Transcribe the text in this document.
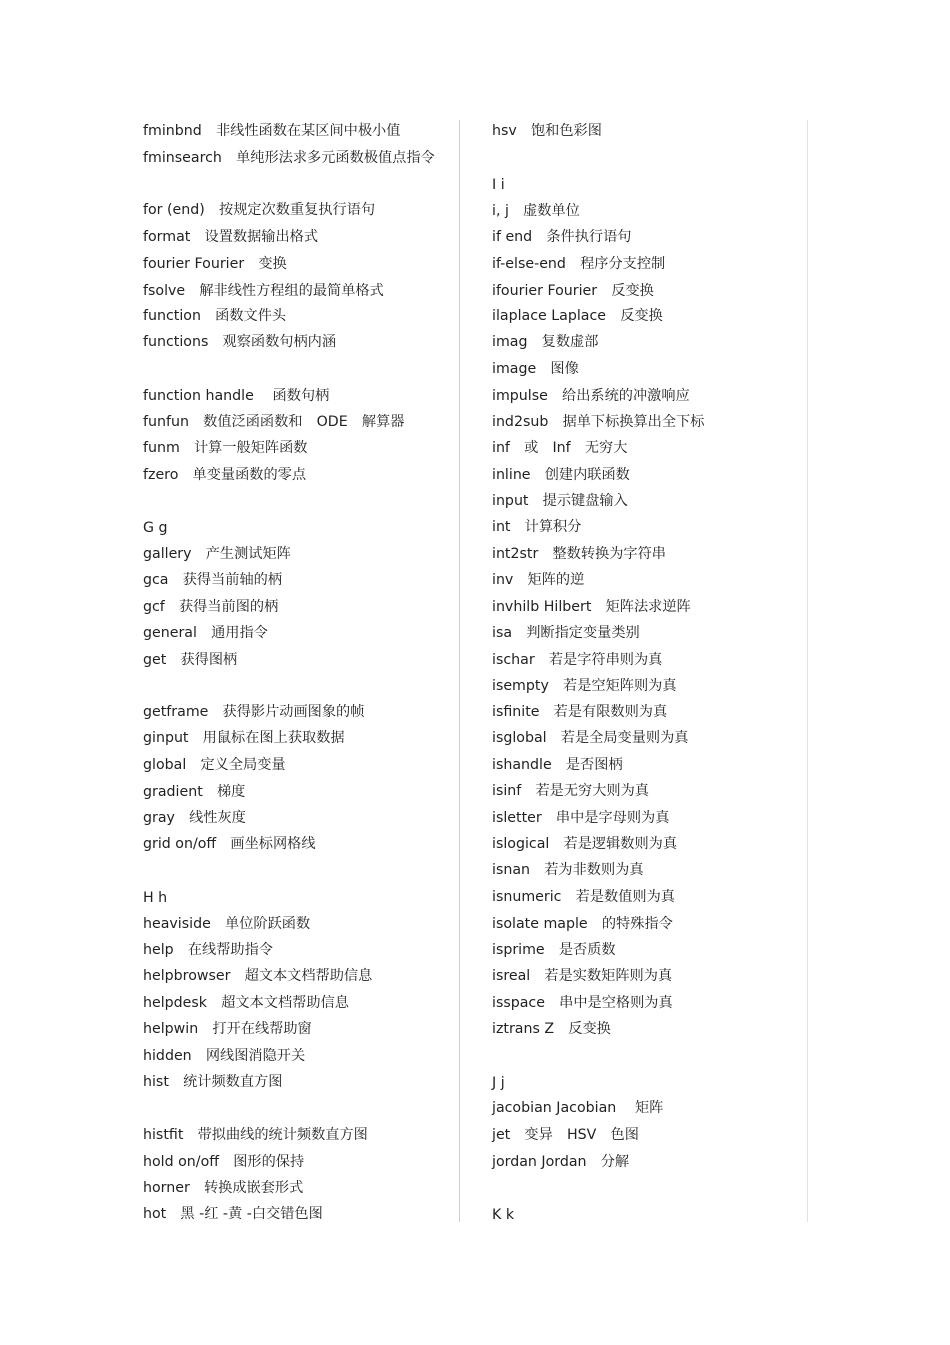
fminbnd　非线性函数在某区间中极小值
fminsearch　单纯形法求多元函数极值点指令
for (end)　按规定次数重复执行语句
format　设置数据输出格式
fourier Fourier　变换
fsolve　解非线性方程组的最简单格式
function　函数文件头
functions　观察函数句柄内涵
function handle　 函数句柄
funfun　数值泛函函数和　ODE　解算器
funm　计算一般矩阵函数
fzero　单变量函数的零点
G g
gallery　产生测试矩阵
gca　获得当前轴的柄
gcf　获得当前图的柄
general　通用指令
get　获得图柄
getframe　获得影片动画图象的帧
ginput　用鼠标在图上获取数据
global　定义全局变量
gradient　梯度
gray　线性灰度
grid on/off　画坐标网格线
H h
heaviside　单位阶跃函数
help　在线帮助指令
helpbrowser　超文本文档帮助信息
helpdesk　超文本文档帮助信息
helpwin　打开在线帮助窗
hidden　网线图消隐开关
hist　统计频数直方图
histfit　带拟曲线的统计频数直方图
hold on/off　图形的保持
horner　转换成嵌套形式
hot　黑 -红 -黄 -白交错色图
hsv　饱和色彩图
I i
i, j　虚数单位
if end　条件执行语句
if-else-end　程序分支控制
ifourier Fourier　反变换
ilaplace Laplace　反变换
imag　复数虚部
image　图像
impulse　给出系统的冲激响应
ind2sub　据单下标换算出全下标
inf　或　Inf　无穷大
inline　创建内联函数
input　提示键盘输入
int　计算积分
int2str　整数转换为字符串
inv　矩阵的逆
invhilb Hilbert　矩阵法求逆阵
isa　判断指定变量类别
ischar　若是字符串则为真
isempty　若是空矩阵则为真
isfinite　若是有限数则为真
isglobal　若是全局变量则为真
ishandle　是否图柄
isinf　若是无穷大则为真
isletter　串中是字母则为真
islogical　若是逻辑数则为真
isnan　若为非数则为真
isnumeric　若是数值则为真
isolate maple　的特殊指令
isprime　是否质数
isreal　若是实数矩阵则为真
isspace　串中是空格则为真
iztrans Z　反变换
J j
jacobian Jacobian　 矩阵
jet　变异　HSV　色图
jordan Jordan　分解
K k
